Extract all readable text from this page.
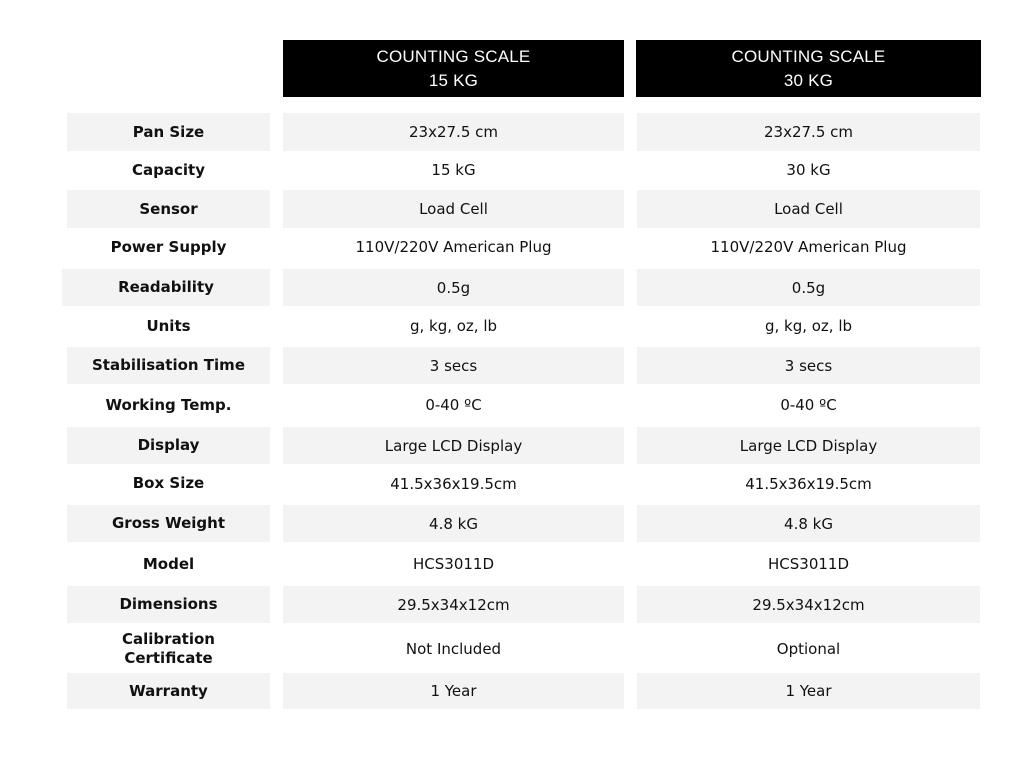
COUNTING SCALE
15 KG
COUNTING SCALE
30 KG
Pan Size	23x27.5 cm	23x27.5 cm
Capacity	15 kG	30 kG
Sensor	Load Cell	Load Cell
Power Supply	110V/220V American Plug	110V/220V American Plug
Readability	0.5g	0.5g
Units	g, kg, oz, lb	g, kg, oz, lb
Stabilisation Time	3 secs	3 secs
Working Temp.	0-40 ºC	0-40 ºC
Display	Large LCD Display	Large LCD Display
Box Size	41.5x36x19.5cm	41.5x36x19.5cm
Gross Weight	4.8 kG	4.8 kG
Model	HCS3011D	HCS3011D
Dimensions	29.5x34x12cm	29.5x34x12cm
Calibration Certificate	Not Included	Optional
Warranty	1 Year	1 Year
